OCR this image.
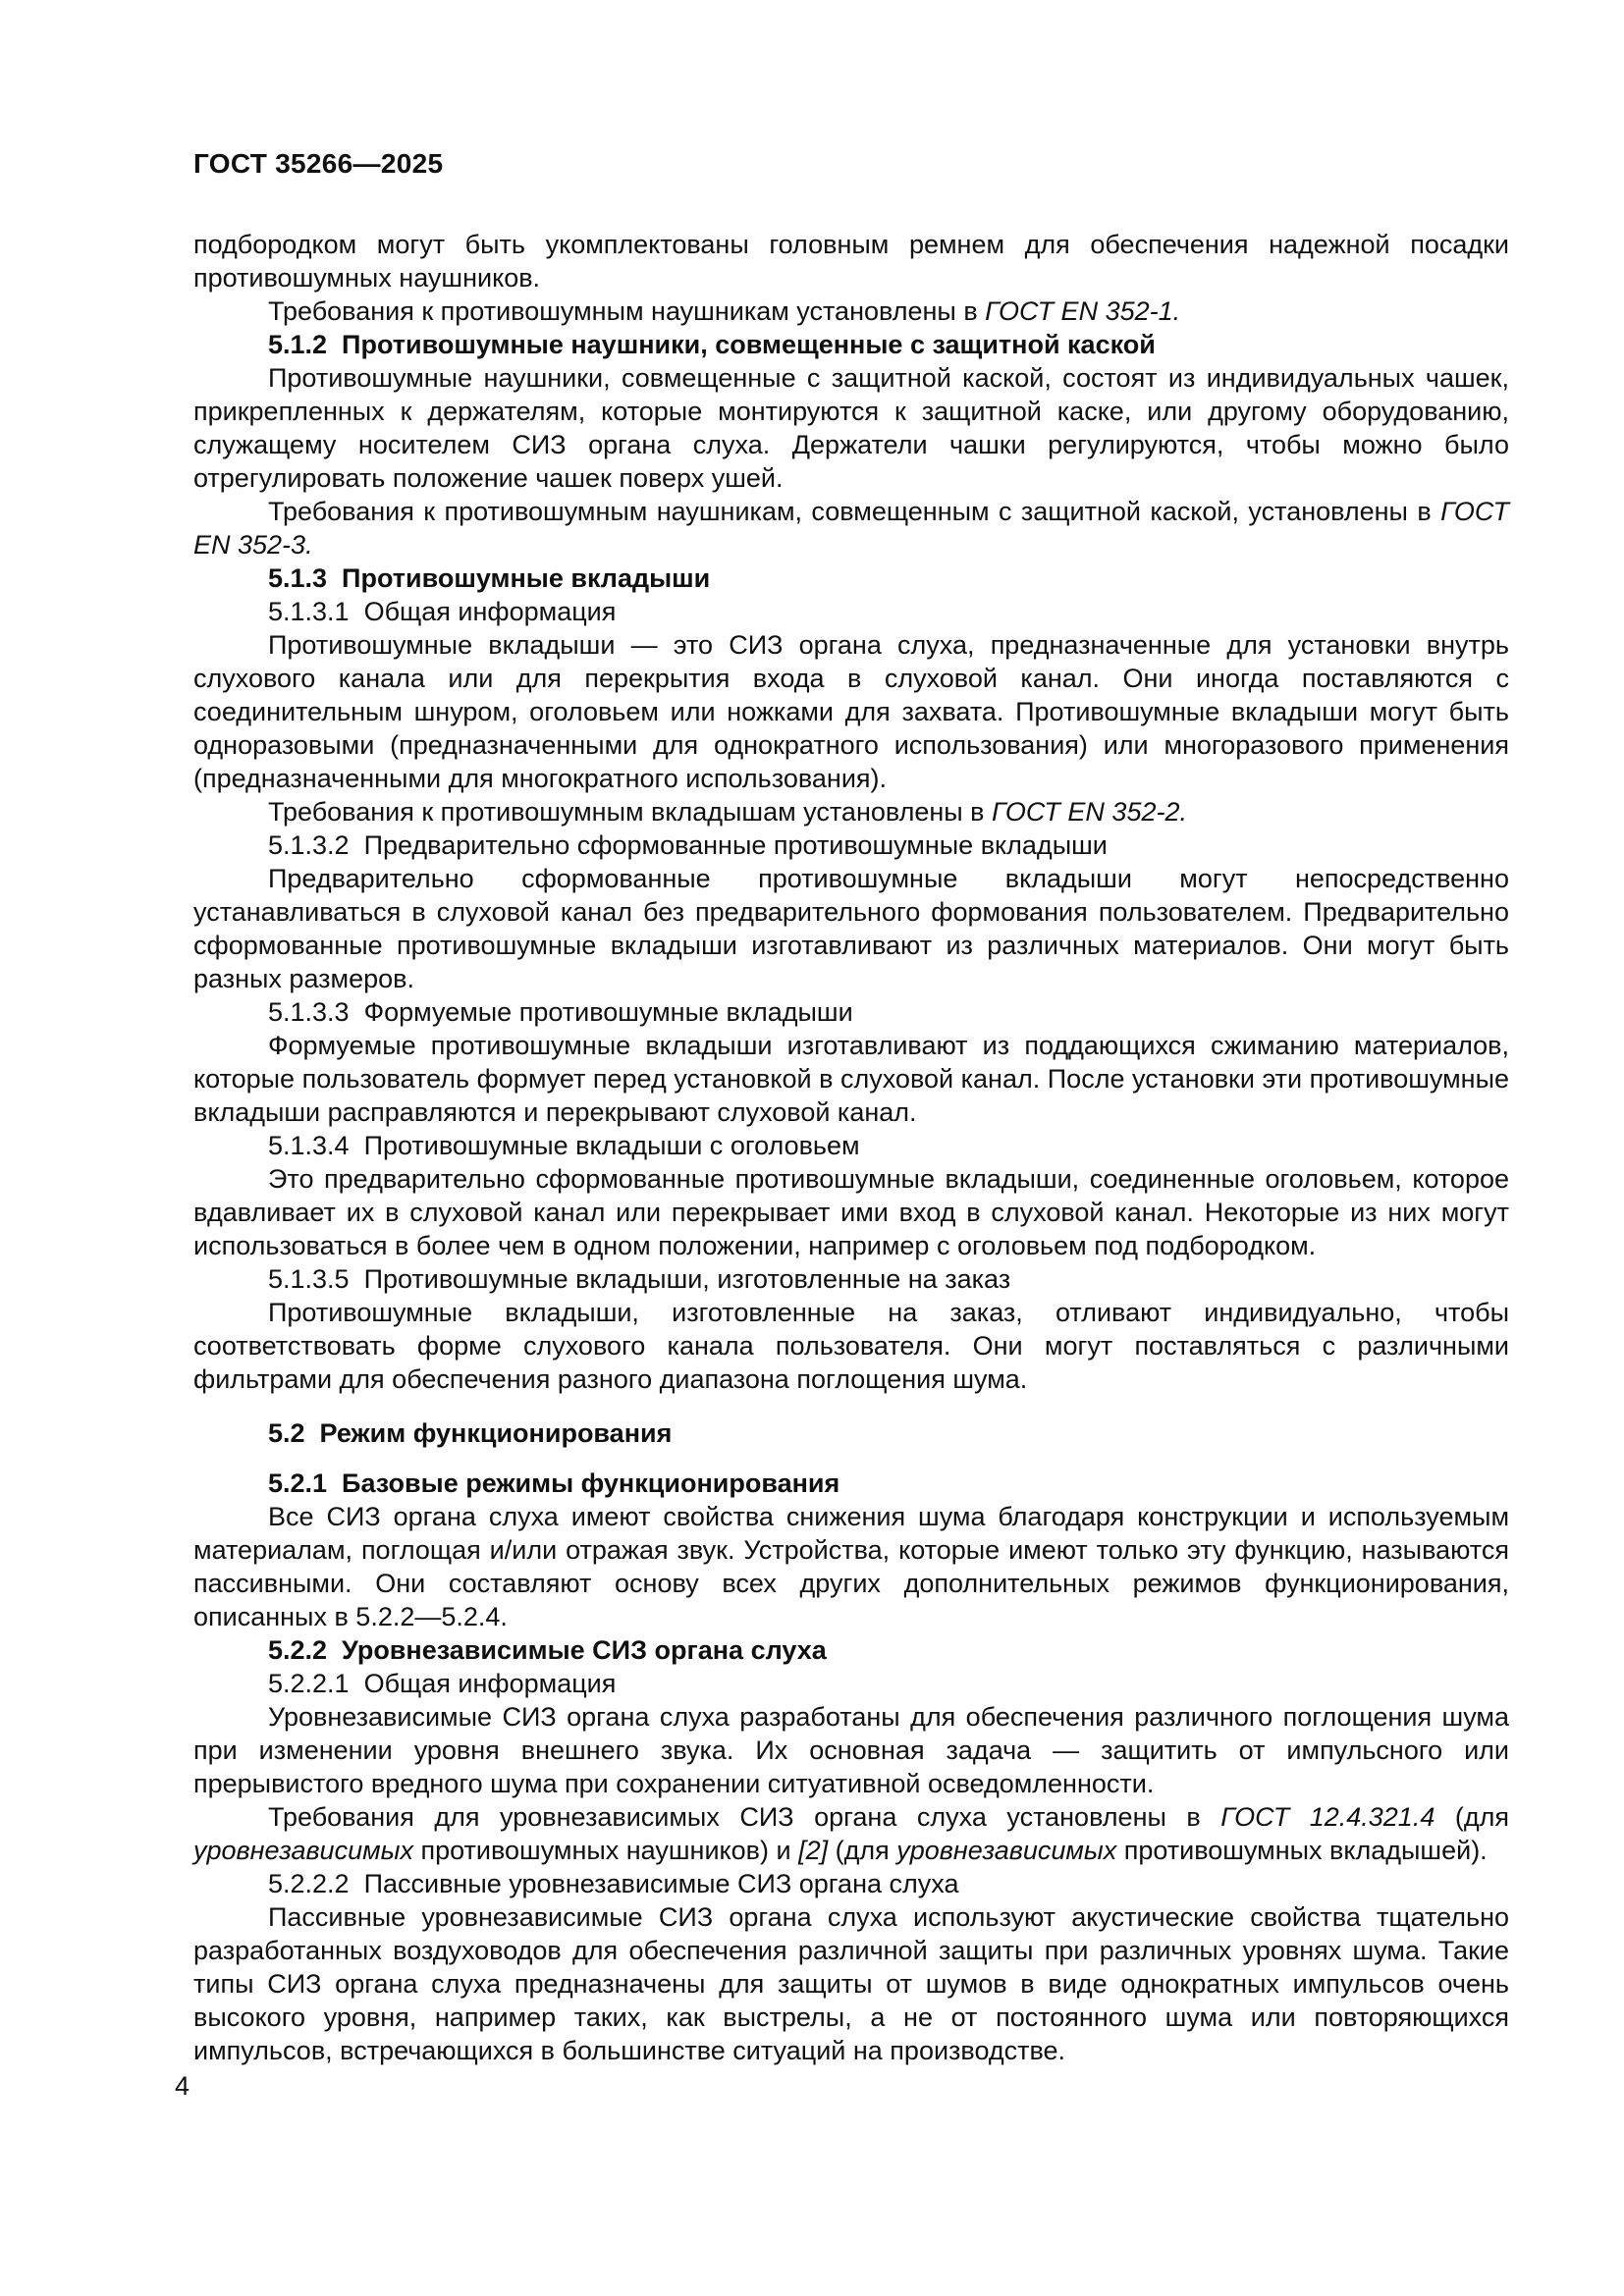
ГОСТ 35266—2025

подбородком могут быть укомплектованы головным ремнем для обеспечения надежной посадки противошумных наушников.

Требования к противошумным наушникам установлены в ГОСТ EN 352-1.

5.1.2  Противошумные наушники, совмещенные с защитной каской

Противошумные наушники, совмещенные с защитной каской, состоят из индивидуальных чашек, прикрепленных к держателям, которые монтируются к защитной каске, или другому оборудованию, служащему носителем СИЗ органа слуха. Держатели чашки регулируются, чтобы можно было отрегулировать положение чашек поверх ушей.

Требования к противошумным наушникам, совмещенным с защитной каской, установлены в ГОСТ EN 352-3.

5.1.3  Противошумные вкладыши

5.1.3.1  Общая информация

Противошумные вкладыши — это СИЗ органа слуха, предназначенные для установки внутрь слухового канала или для перекрытия входа в слуховой канал. Они иногда поставляются с соединительным шнуром, оголовьем или ножками для захвата. Противошумные вкладыши могут быть одноразовыми (предназначенными для однократного использования) или многоразового применения (предназначенными для многократного использования).

Требования к противошумным вкладышам установлены в ГОСТ EN 352-2.

5.1.3.2  Предварительно сформованные противошумные вкладыши

Предварительно сформованные противошумные вкладыши могут непосредственно устанавливаться в слуховой канал без предварительного формования пользователем. Предварительно сформованные противошумные вкладыши изготавливают из различных материалов. Они могут быть разных размеров.

5.1.3.3  Формуемые противошумные вкладыши

Формуемые противошумные вкладыши изготавливают из поддающихся сжиманию материалов, которые пользователь формует перед установкой в слуховой канал. После установки эти противошумные вкладыши расправляются и перекрывают слуховой канал.

5.1.3.4  Противошумные вкладыши с оголовьем

Это предварительно сформованные противошумные вкладыши, соединенные оголовьем, которое вдавливает их в слуховой канал или перекрывает ими вход в слуховой канал. Некоторые из них могут использоваться в более чем в одном положении, например с оголовьем под подбородком.

5.1.3.5  Противошумные вкладыши, изготовленные на заказ

Противошумные вкладыши, изготовленные на заказ, отливают индивидуально, чтобы соответствовать форме слухового канала пользователя. Они могут поставляться с различными фильтрами для обеспечения разного диапазона поглощения шума.

5.2  Режим функционирования

5.2.1  Базовые режимы функционирования

Все СИЗ органа слуха имеют свойства снижения шума благодаря конструкции и используемым материалам, поглощая и/или отражая звук. Устройства, которые имеют только эту функцию, называются пассивными. Они составляют основу всех других дополнительных режимов функционирования, описанных в 5.2.2—5.2.4.

5.2.2  Уровнезависимые СИЗ органа слуха

5.2.2.1  Общая информация

Уровнезависимые СИЗ органа слуха разработаны для обеспечения различного поглощения шума при изменении уровня внешнего звука. Их основная задача — защитить от импульсного или прерывистого вредного шума при сохранении ситуативной осведомленности.

Требования для уровнезависимых СИЗ органа слуха установлены в ГОСТ 12.4.321.4 (для уровнезависимых противошумных наушников) и [2] (для уровнезависимых противошумных вкладышей).

5.2.2.2  Пассивные уровнезависимые СИЗ органа слуха

Пассивные уровнезависимые СИЗ органа слуха используют акустические свойства тщательно разработанных воздуховодов для обеспечения различной защиты при различных уровнях шума. Такие типы СИЗ органа слуха предназначены для защиты от шумов в виде однократных импульсов очень высокого уровня, например таких, как выстрелы, а не от постоянного шума или повторяющихся импульсов, встречающихся в большинстве ситуаций на производстве.

4
